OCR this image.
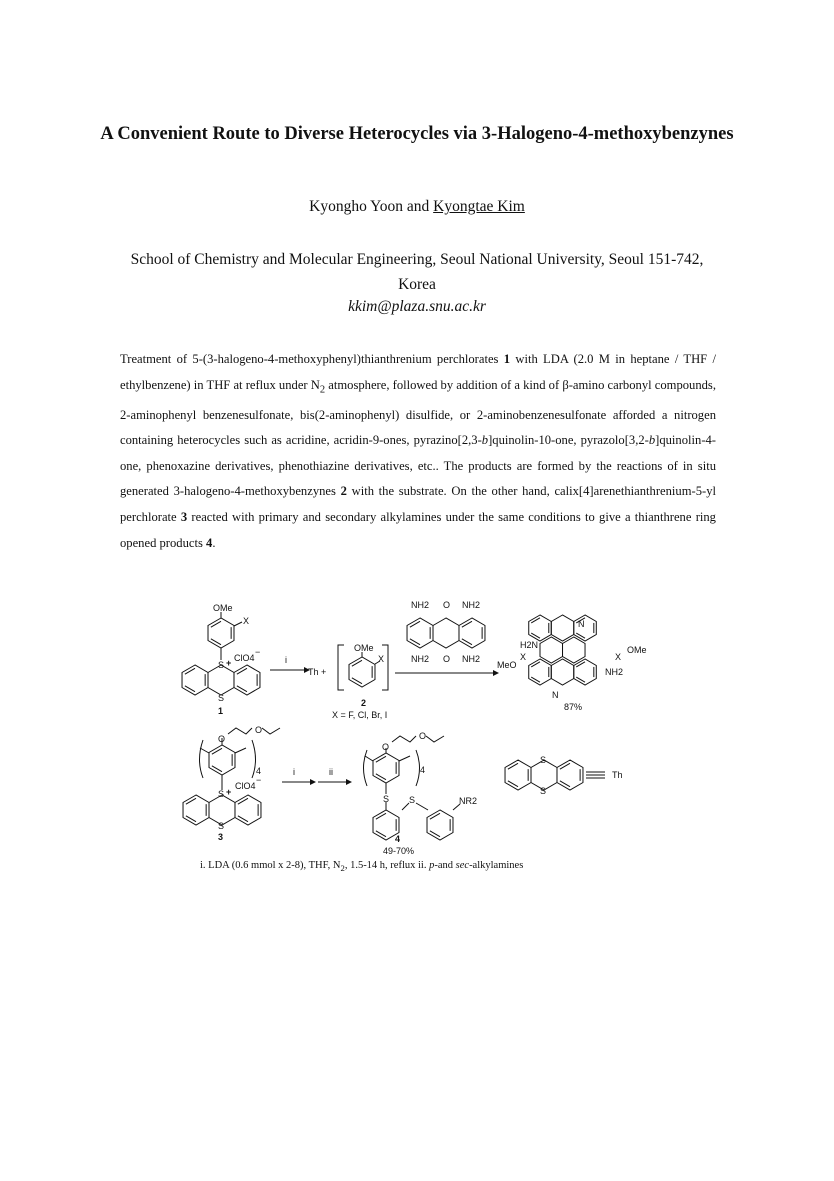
A Convenient Route to Diverse Heterocycles via 3-Halogeno-4-methoxybenzynes
Kyongho Yoon and Kyongtae Kim
School of Chemistry and Molecular Engineering, Seoul National University, Seoul 151-742, Korea
kkim@plaza.snu.ac.kr
Treatment of 5-(3-halogeno-4-methoxyphenyl)thianthrenium perchlorates 1 with LDA (2.0 M in heptane / THF / ethylbenzene) in THF at reflux under $N_2$ atmosphere, followed by addition of a kind of β-amino carbonyl compounds, 2-aminophenyl benzenesulfonate, bis(2-aminophenyl) disulfide, or 2-aminobenzenesulfonate afforded a nitrogen containing heterocycles such as acridine, acridin-9-ones, pyrazino[2,3-b]quinolin-10-one, pyrazolo[3,2-b]quinolin-4-one, phenoxazine derivatives, phenothiazine derivatives, etc.. The products are formed by the reactions of in situ generated 3-halogeno-4-methoxybenzynes 2 with the substrate. On the other hand, calix[4]arenethianthrenium-5-yl perchlorate 3 reacted with primary and secondary alkylamines under the same conditions to give a thianthrene ring opened products 4.
OMe
X
ClO4
−
S +
S
1
i
Th +
OMe
X
2
X = F, Cl, Br, I
NH2 O NH2
NH2 O NH2
N
N
H2N
MeO
X	X
OMe
NH2
87%
O
O
4
ClO4
−
S +
S
3
i	ii
O
O
4
S S	NR2
4
49-70%
S
S
Th
i. LDA (0.6 mmol x 2-8), THF, $N_2$, 1.5-14 h, reflux ii. p-and sec-alkylamines
